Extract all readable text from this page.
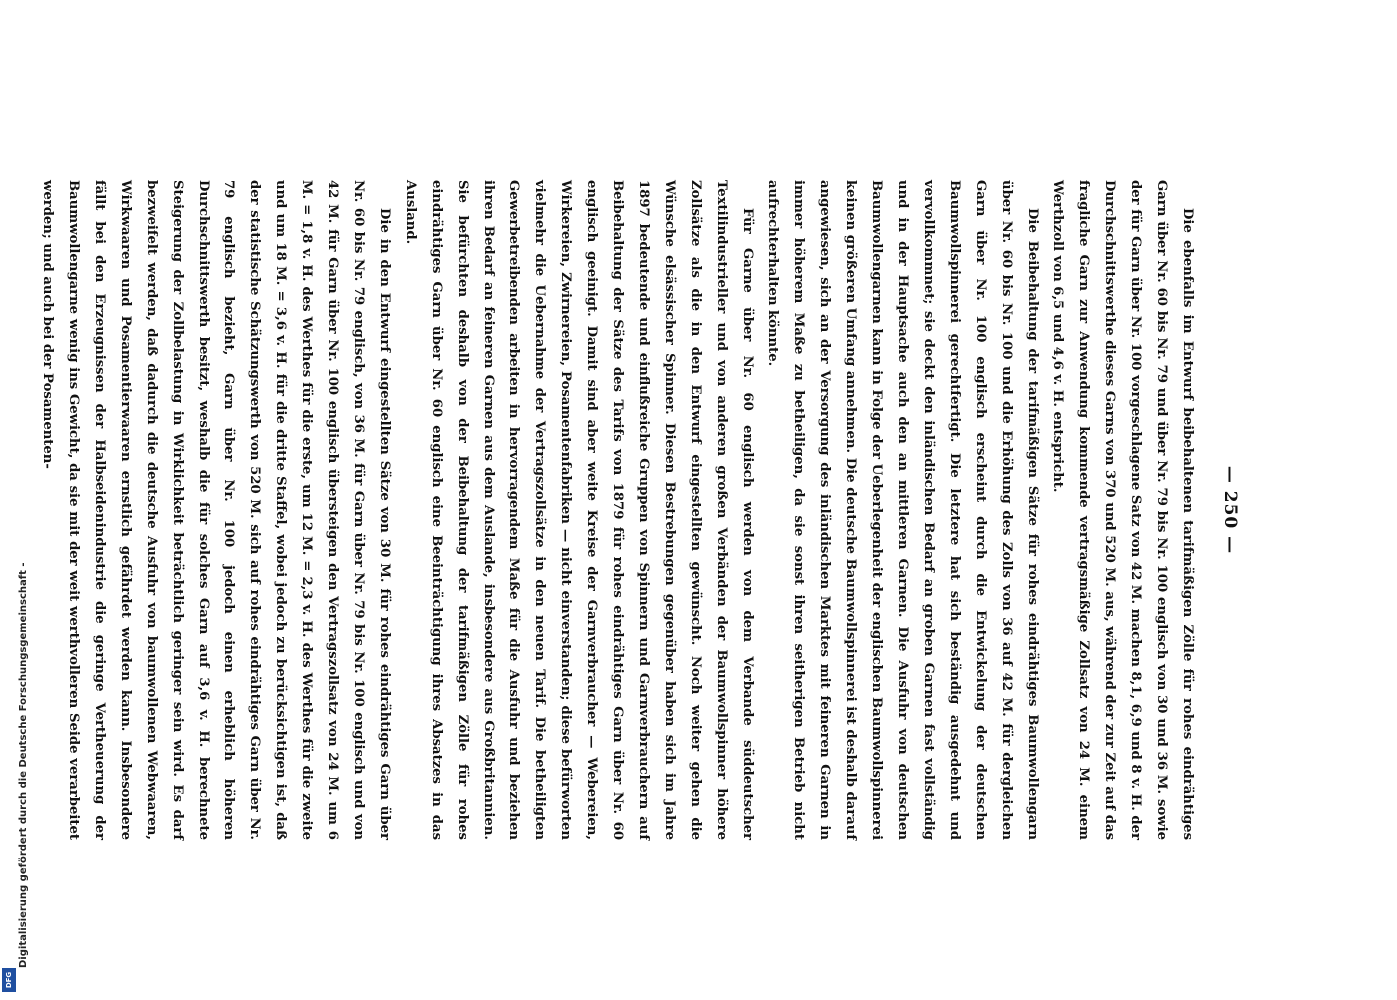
— 250 —

Die ebenfalls im Entwurf beibehaltenen tarifmäßigen Zölle für rohes eindrähtiges Garn über Nr. 60 bis Nr. 79 und über Nr. 79 bis Nr. 100 englisch von 30 und 36 M. sowie der für Garn über Nr. 100 vorgeschlagene Satz von 42 M. machen 8,1, 6,9 und 8 v. H. der Durchschnittswerthe dieses Garns von 370 und 520 M. aus, während der zur Zeit auf das fragliche Garn zur Anwendung kommende vertragsmäßige Zollsatz von 24 M. einem Werthzoll von 6,5 und 4,6 v. H. entspricht.

Die Beibehaltung der tarifmäßigen Sätze für rohes eindrähtiges Baumwollengarn über Nr. 60 bis Nr. 100 und die Erhöhung des Zolls von 36 auf 42 M. für dergleichen Garn über Nr. 100 englisch erscheint durch die Entwickelung der deutschen Baumwollspinnerei gerechtfertigt. Die letztere hat sich beständig ausgedehnt und vervollkommnet; sie deckt den inländischen Bedarf an groben Garnen fast vollständig und in der Hauptsache auch den an mittleren Garnen. Die Ausfuhr von deutschen Baumwollengarnen kann in Folge der Ueberlegenheit der englischen Baumwollspinnerei keinen größeren Umfang annehmen. Die deutsche Baumwollspinnerei ist deshalb darauf angewiesen, sich an der Versorgung des inländischen Marktes mit feineren Garnen in immer höherem Maße zu betheiligen, da sie sonst ihren seitherigen Betrieb nicht aufrechterhalten könnte.

Für Garne über Nr. 60 englisch werden von dem Verbande süddeutscher Textilindustrieller und von anderen großen Verbänden der Baumwollspinner höhere Zollsätze als die in den Entwurf eingestellten gewünscht. Noch weiter gehen die Wünsche elsässischer Spinner. Diesen Bestrebungen gegenüber haben sich im Jahre 1897 bedeutende und einflußreiche Gruppen von Spinnern und Garnverbrauchern auf Beibehaltung der Sätze des Tarifs von 1879 für rohes eindrähtiges Garn über Nr. 60 englisch geeinigt. Damit sind aber weite Kreise der Garnverbraucher — Webereien, Wirkereien, Zwirnereien, Posamentenfabriken — nicht einverstanden; diese befürworten vielmehr die Uebernahme der Vertragszollsätze in den neuen Tarif. Die betheiligten Gewerbetreibenden arbeiten in hervorragendem Maße für die Ausfuhr und beziehen ihren Bedarf an feineren Garnen aus dem Auslande, insbesondere aus Großbritannien. Sie befürchten deshalb von der Beibehaltung der tarifmäßigen Zölle für rohes eindrähtiges Garn über Nr. 60 englisch eine Beeinträchtigung ihres Absatzes in das Ausland.

Die in den Entwurf eingestellten Sätze von 30 M. für rohes eindrähtiges Garn über Nr. 60 bis Nr. 79 englisch, von 36 M. für Garn über Nr. 79 bis Nr. 100 englisch und von 42 M. für Garn über Nr. 100 englisch übersteigen den Vertragszollsatz von 24 M. um 6 M. = 1,8 v. H. des Werthes für die erste, um 12 M. = 2,3 v. H. des Werthes für die zweite und um 18 M. = 3,6 v. H. für die dritte Staffel, wobei jedoch zu berücksichtigen ist, daß der statistische Schätzungswerth von 520 M. sich auf rohes eindrähtiges Garn über Nr. 79 englisch bezieht, Garn über Nr. 100 jedoch einen erheblich höheren Durchschnittswerth besitzt, weshalb die für solches Garn auf 3,6 v. H. berechnete Steigerung der Zollbelastung in Wirklichkeit beträchtlich geringer sein wird. Es darf bezweifelt werden, daß dadurch die deutsche Ausfuhr von baumwollenen Webwaaren, Wirkwaaren und Posamentierwaaren ernstlich gefährdet werden kann. Insbesondere fällt bei den Erzeugnissen der Halbseidenindustrie die geringe Vertheuerung der Baumwollengarne wenig ins Gewicht, da sie mit der weit werthvolleren Seide verarbeitet werden; und auch bei der Posamenten-

Digitalisierung gefördert durch die Deutsche Forschungsgemeinschaft -
DFG
